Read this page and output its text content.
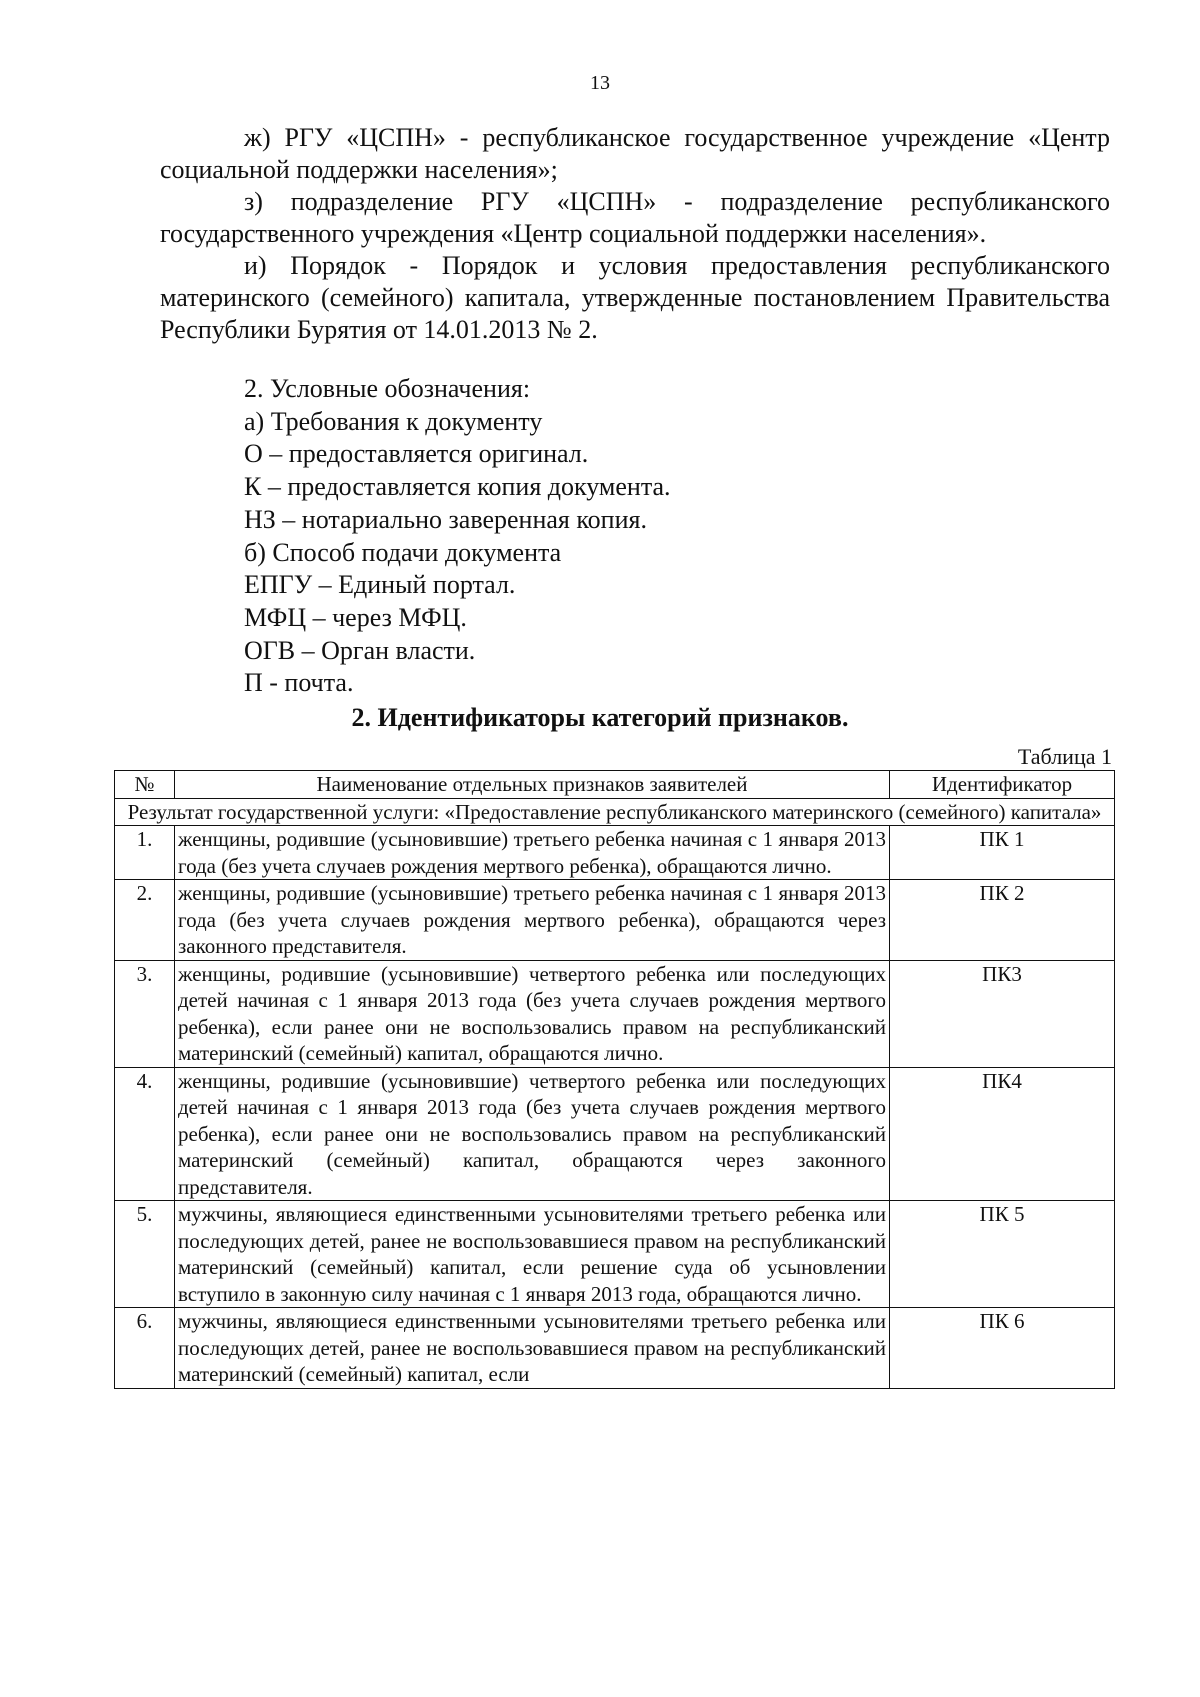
13

ж) РГУ «ЦСПН» - республиканское государственное учреждение «Центр социальной поддержки населения»;

з) подразделение РГУ «ЦСПН» - подразделение республиканского государственного учреждения «Центр социальной поддержки населения».

и) Порядок - Порядок и условия предоставления республиканского материнского (семейного) капитала, утвержденные постановлением Правительства Республики Бурятия от 14.01.2013 № 2.

2. Условные обозначения:
а) Требования к документу
О – предоставляется оригинал.
К – предоставляется копия документа.
НЗ – нотариально заверенная копия.
б) Способ подачи документа
ЕПГУ – Единый портал.
МФЦ – через МФЦ.
ОГВ – Орган власти.
П - почта.
2. Идентификаторы категорий признаков.
Таблица 1
№	Наименование отдельных признаков заявителей	Идентификатор
Результат государственной услуги: «Предоставление республиканского материнского (семейного) капитала»		
1.	женщины, родившие (усыновившие) третьего ребенка начиная с 1 января 2013 года (без учета случаев рождения мертвого ребенка), обращаются лично.	ПК 1
2.	женщины, родившие (усыновившие) третьего ребенка начиная с 1 января 2013 года (без учета случаев рождения мертвого ребенка), обращаются через законного представителя.	ПК 2
3.	женщины, родившие (усыновившие) четвертого ребенка или последующих детей начиная с 1 января 2013 года (без учета случаев рождения мертвого ребенка), если ранее они не воспользовались правом на республиканский материнский (семейный) капитал, обращаются лично.	ПК3
4.	женщины, родившие (усыновившие) четвертого ребенка или последующих детей начиная с 1 января 2013 года (без учета случаев рождения мертвого ребенка), если ранее они не воспользовались правом на республиканский материнский (семейный) капитал, обращаются через законного представителя.	ПК4
5.	мужчины, являющиеся единственными усыновителями третьего ребенка или последующих детей, ранее не воспользовавшиеся правом на республиканский материнский (семейный) капитал, если решение суда об усыновлении вступило в законную силу начиная с 1 января 2013 года, обращаются лично.	ПК 5
6.	мужчины, являющиеся единственными усыновителями третьего ребенка или последующих детей, ранее не воспользовавшиеся правом на республиканский материнский (семейный) капитал, если	ПК 6
